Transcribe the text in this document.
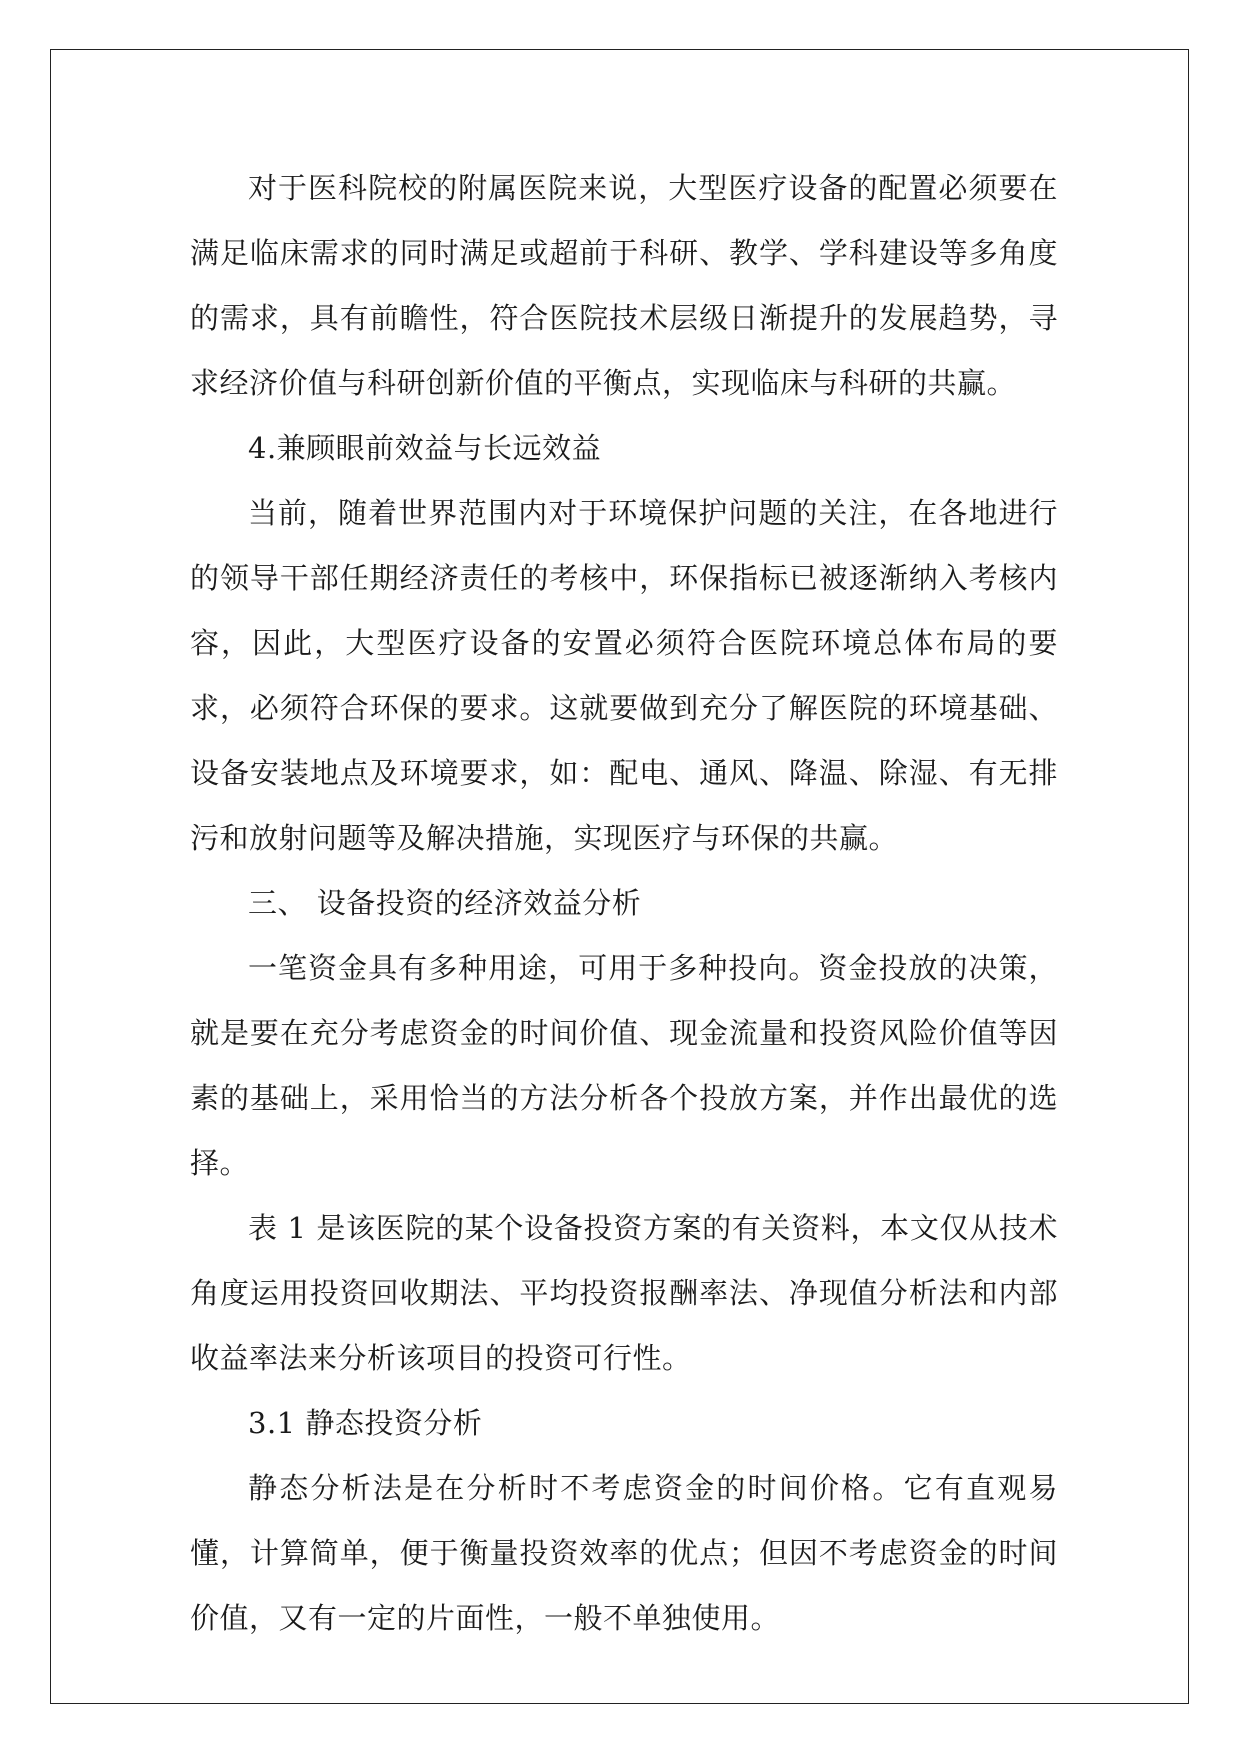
对于医科院校的附属医院来说，大型医疗设备的配置必须要在满足临床需求的同时满足或超前于科研、教学、学科建设等多角度的需求，具有前瞻性，符合医院技术层级日渐提升的发展趋势，寻求经济价值与科研创新价值的平衡点，实现临床与科研的共赢。

4.兼顾眼前效益与长远效益

当前，随着世界范围内对于环境保护问题的关注，在各地进行的领导干部任期经济责任的考核中，环保指标已被逐渐纳入考核内容，因此，大型医疗设备的安置必须符合医院环境总体布局的要求，必须符合环保的要求。这就要做到充分了解医院的环境基础、设备安装地点及环境要求，如：配电、通风、降温、除湿、有无排污和放射问题等及解决措施，实现医疗与环保的共赢。

三、 设备投资的经济效益分析

一笔资金具有多种用途，可用于多种投向。资金投放的决策，就是要在充分考虑资金的时间价值、现金流量和投资风险价值等因素的基础上，采用恰当的方法分析各个投放方案，并作出最优的选择。

表 1 是该医院的某个设备投资方案的有关资料，本文仅从技术角度运用投资回收期法、平均投资报酬率法、净现值分析法和内部收益率法来分析该项目的投资可行性。

3.1 静态投资分析

静态分析法是在分析时不考虑资金的时间价格。它有直观易懂，计算简单，便于衡量投资效率的优点；但因不考虑资金的时间价值，又有一定的片面性，一般不单独使用。
